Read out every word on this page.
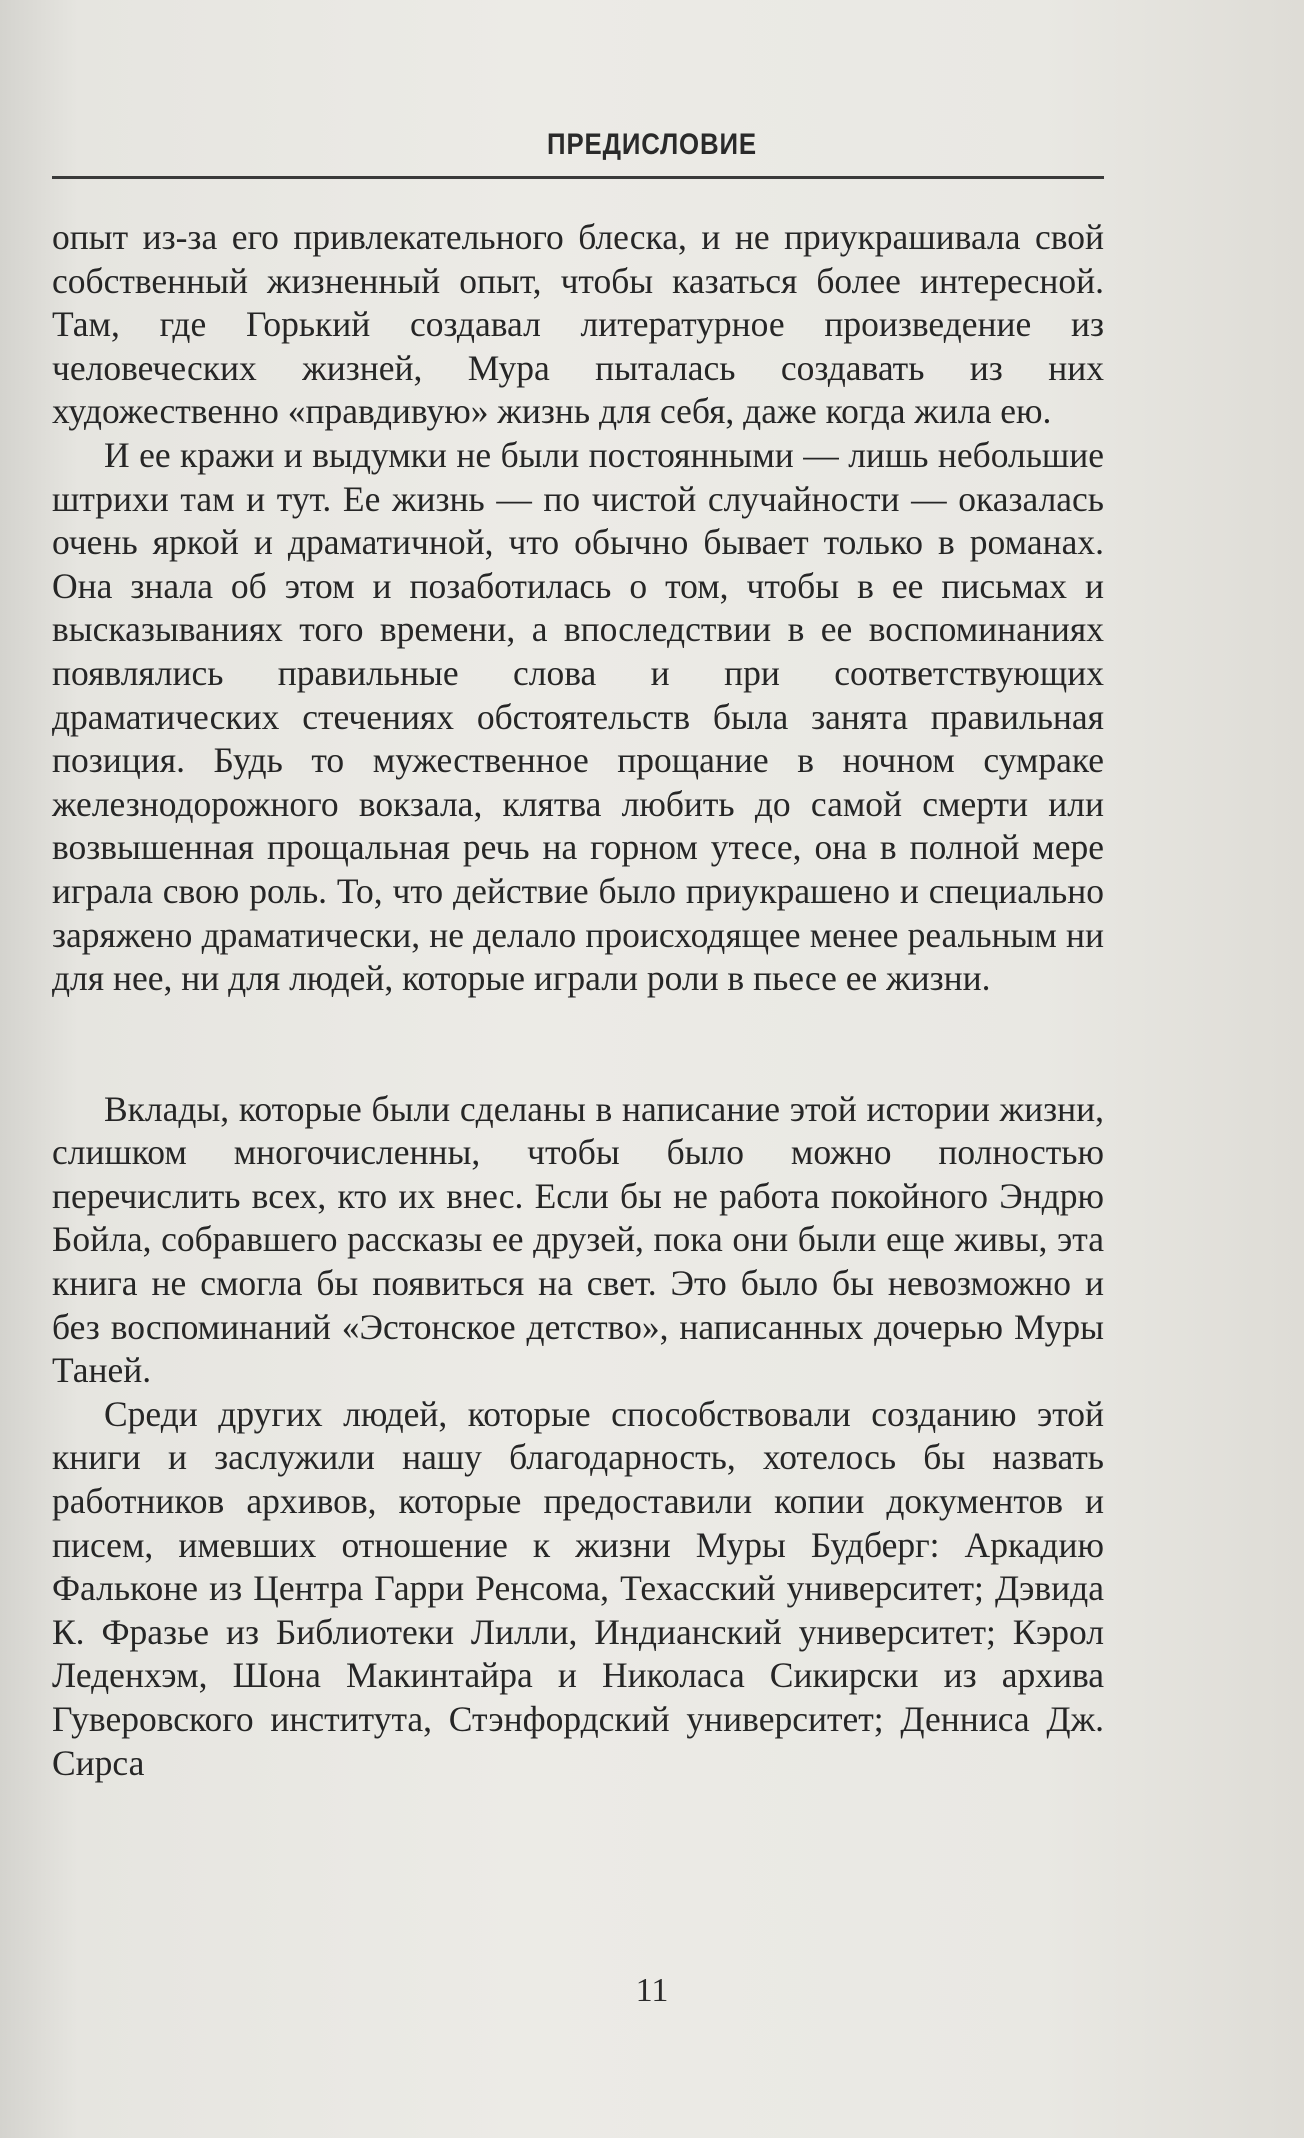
ПРЕДИСЛОВИЕ

опыт из-за его привлекательного блеска, и не приукрашивала свой собственный жизненный опыт, чтобы казаться более интересной. Там, где Горький создавал литературное произведение из человеческих жизней, Мура пыталась создавать из них художественно «правдивую» жизнь для себя, даже когда жила ею.

И ее кражи и выдумки не были постоянными — лишь небольшие штрихи там и тут. Ее жизнь — по чистой случайности — оказалась очень яркой и драматичной, что обычно бывает только в романах. Она знала об этом и позаботилась о том, чтобы в ее письмах и высказываниях того времени, а впоследствии в ее воспоминаниях появлялись правильные слова и при соответствующих драматических стечениях обстоятельств была занята правильная позиция. Будь то мужественное прощание в ночном сумраке железнодорожного вокзала, клятва любить до самой смерти или возвышенная прощальная речь на горном утесе, она в полной мере играла свою роль. То, что действие было приукрашено и специально заряжено драматически, не делало происходящее менее реальным ни для нее, ни для людей, которые играли роли в пьесе ее жизни.

Вклады, которые были сделаны в написание этой истории жизни, слишком многочисленны, чтобы было можно полностью перечислить всех, кто их внес. Если бы не работа покойного Эндрю Бойла, собравшего рассказы ее друзей, пока они были еще живы, эта книга не смогла бы появиться на свет. Это было бы невозможно и без воспоминаний «Эстонское детство», написанных дочерью Муры Таней.

Среди других людей, которые способствовали созданию этой книги и заслужили нашу благодарность, хотелось бы назвать работников архивов, которые предоставили копии документов и писем, имевших отношение к жизни Муры Будберг: Аркадию Фальконе из Центра Гарри Ренсома, Техасский университет; Дэвида К. Фразье из Библиотеки Лилли, Индианский университет; Кэрол Леденхэм, Шона Макинтайра и Николаса Сикирски из архива Гуверовского института, Стэнфордский университет; Денниса Дж. Сирса

11
